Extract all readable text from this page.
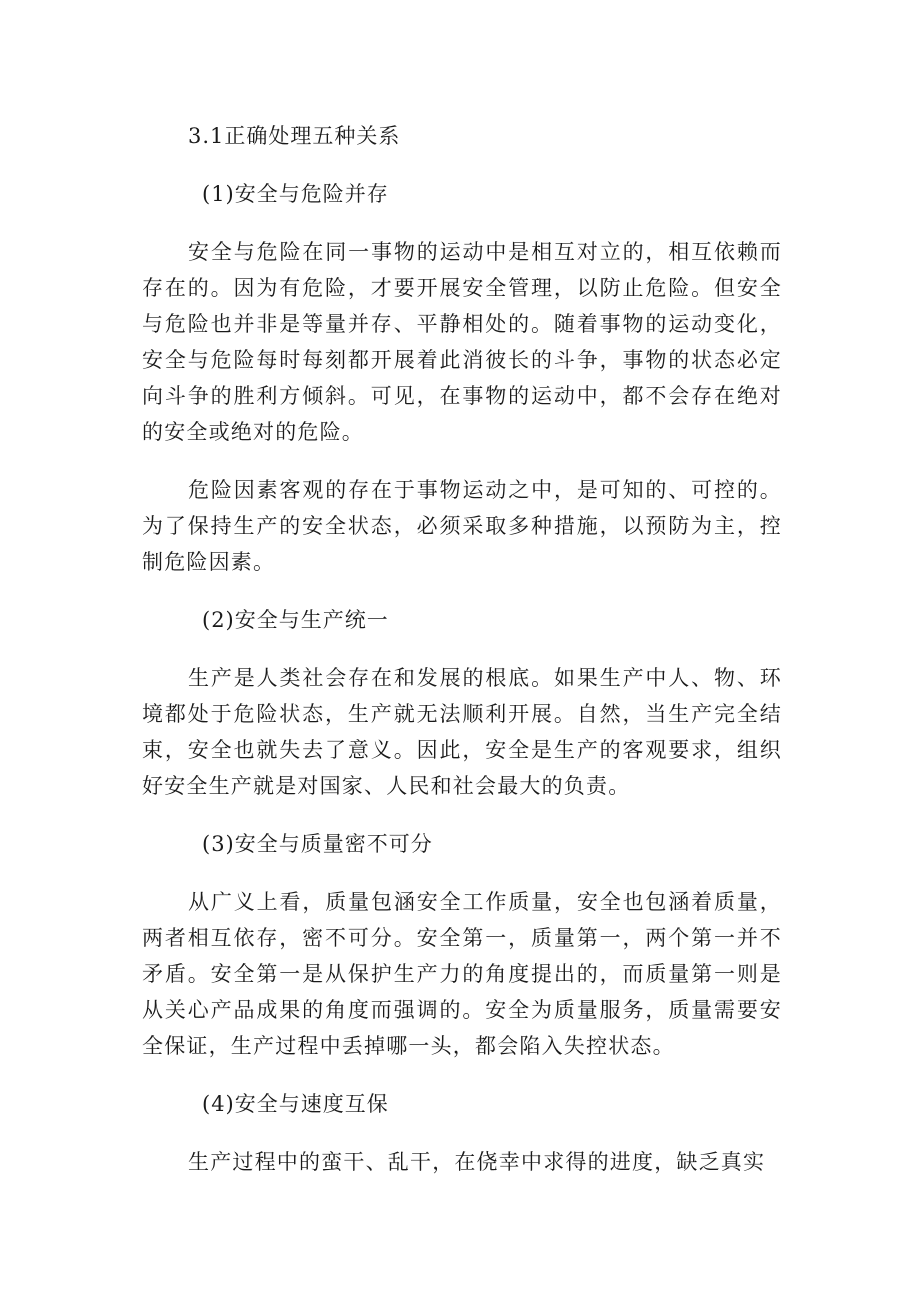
3.1正确处理五种关系
(1)安全与危险并存

安全与危险在同一事物的运动中是相互对立的，相互依赖而存在的。因为有危险，才要开展安全管理，以防止危险。但安全与危险也并非是等量并存、平静相处的。随着事物的运动变化，安全与危险每时每刻都开展着此消彼长的斗争，事物的状态必定向斗争的胜利方倾斜。可见，在事物的运动中，都不会存在绝对的安全或绝对的危险。

危险因素客观的存在于事物运动之中，是可知的、可控的。为了保持生产的安全状态，必须采取多种措施，以预防为主，控制危险因素。

(2)安全与生产统一

生产是人类社会存在和发展的根底。如果生产中人、物、环境都处于危险状态，生产就无法顺利开展。自然，当生产完全结束，安全也就失去了意义。因此，安全是生产的客观要求，组织好安全生产就是对国家、人民和社会最大的负责。

(3)安全与质量密不可分

从广义上看，质量包涵安全工作质量，安全也包涵着质量，两者相互依存，密不可分。安全第一，质量第一，两个第一并不矛盾。安全第一是从保护生产力的角度提出的，而质量第一则是从关心产品成果的角度而强调的。安全为质量服务，质量需要安全保证，生产过程中丢掉哪一头，都会陷入失控状态。

(4)安全与速度互保

生产过程中的蛮干、乱干，在侥幸中求得的进度，缺乏真实
